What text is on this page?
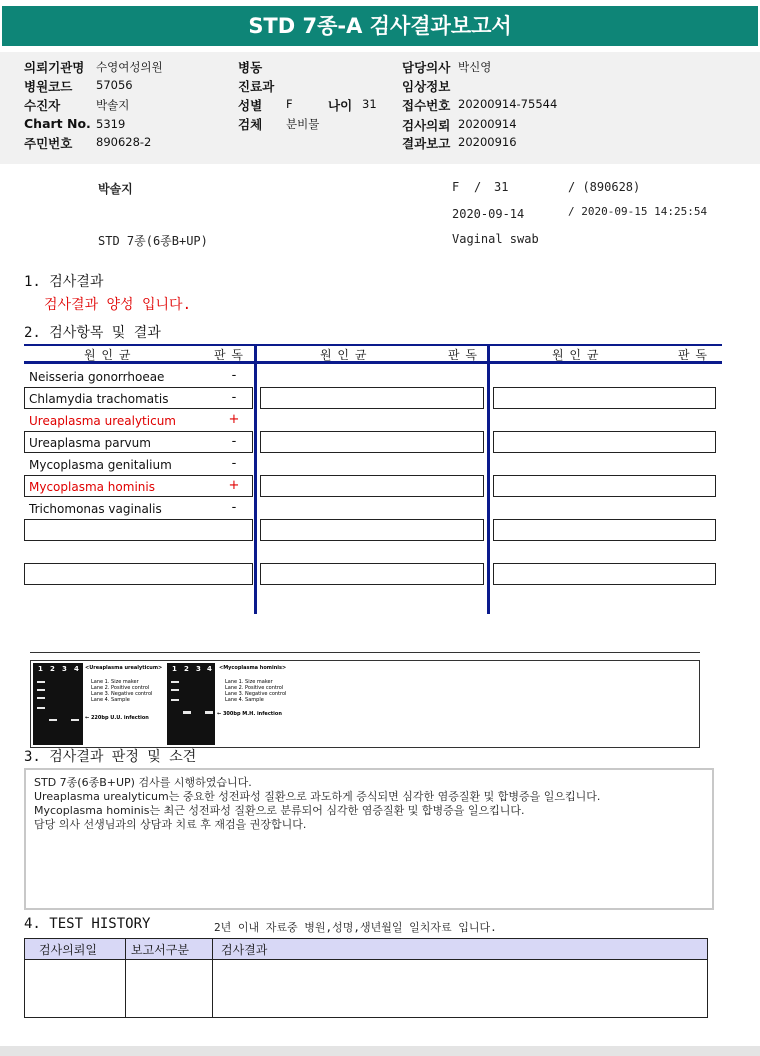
STD 7종-A 검사결과보고서
의뢰기관명 수영여성의원
병원코드 57056
수진자	박솔지
Chart No. 5319
주민번호 890628-2
병동
진료과
성별 F	나이 31
검체 분비물
담당의사 박신영
임상정보
접수번호 20200914-75544
검사의뢰 20200914
결과보고 20200916
박솔지	F / 31	/ (890628)
2020-09-14	/ 2020-09-15 14:25:54
STD 7종(6종B+UP)	Vaginal swab
1. 검사결과
검사결과 양성 입니다.
2. 검사항목 및 결과
원 인 균	판 독	원 인 균	판 독	원 인 균	판 독
Neisseria gonorrhoeae	-
Chlamydia trachomatis	-
Ureaplasma urealyticum	+
Ureaplasma parvum	-
Mycoplasma genitalium	-
Mycoplasma hominis	+
Trichomonas vaginalis	-
1 2 3 4 <Ureaplasma urealyticum>
Lane 1. Size maker
Lane 2. Positive control
Lane 3. Negative control
Lane 4. Sample
← 220bp U.U. infection
1 2 3 4 <Mycoplasma hominis>
Lane 1. Size maker
Lane 2. Positive control
Lane 3. Negative control
Lane 4. Sample
← 300bp M.H. infection
3. 검사결과 판정 및 소견
STD 7종(6종B+UP) 검사를 시행하였습니다.
Ureaplasma urealyticum는 중요한 성전파성 질환으로 과도하게 증식되면 심각한 염증질환 및 합병증을 일으킵니다.
Mycoplasma hominis는 최근 성전파성 질환으로 분류되어 심각한 염증질환 및 합병증을 일으킵니다.
담당 의사 선생님과의 상담과 치료 후 재검을 권장합니다.
4. TEST HISTORY	2년 이내 자료중 병원,성명,생년월일 일치자료 입니다.
검사의뢰일	보고서구분	검사결과
